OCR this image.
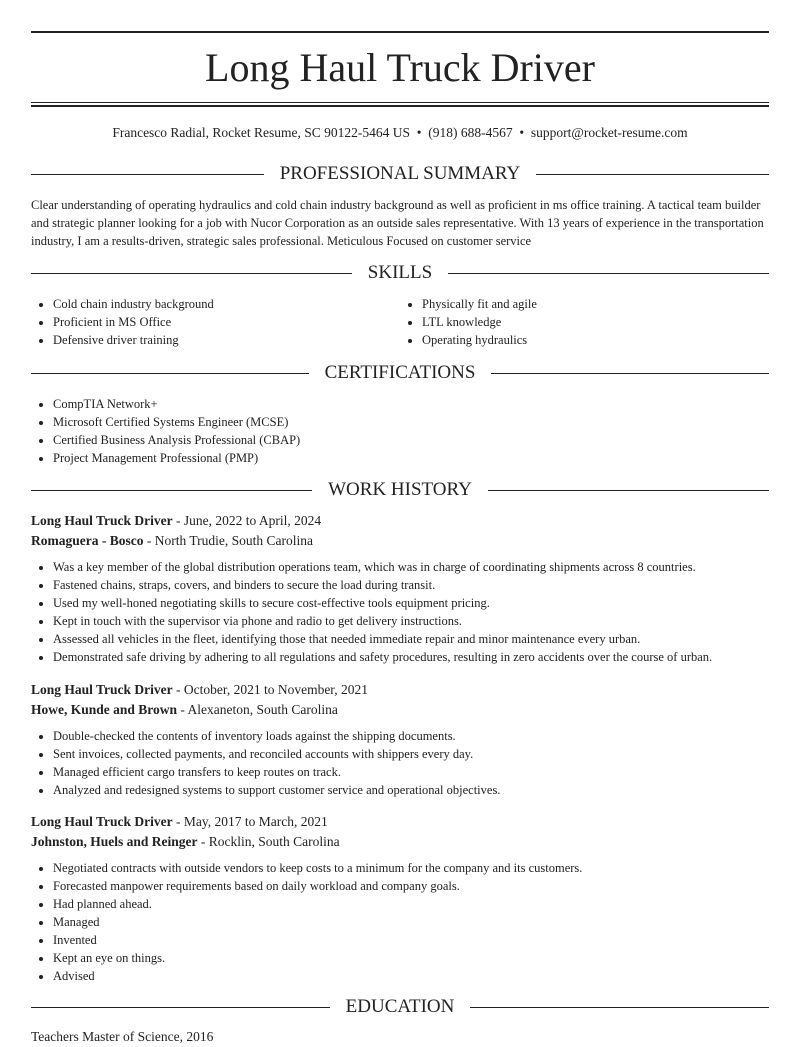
Long Haul Truck Driver
Francesco Radial, Rocket Resume, SC 90122-5464 US • (918) 688-4567 • support@rocket-resume.com
PROFESSIONAL SUMMARY
Clear understanding of operating hydraulics and cold chain industry background as well as proficient in ms office training. A tactical team builder and strategic planner looking for a job with Nucor Corporation as an outside sales representative. With 13 years of experience in the transportation industry, I am a results-driven, strategic sales professional. Meticulous Focused on customer service
SKILLS
• Cold chain industry background
• Proficient in MS Office
• Defensive driver training
• Physically fit and agile
• LTL knowledge
• Operating hydraulics
CERTIFICATIONS
• CompTIA Network+
• Microsoft Certified Systems Engineer (MCSE)
• Certified Business Analysis Professional (CBAP)
• Project Management Professional (PMP)
WORK HISTORY
Long Haul Truck Driver - June, 2022 to April, 2024
Romaguera - Bosco - North Trudie, South Carolina
• Was a key member of the global distribution operations team, which was in charge of coordinating shipments across 8 countries.
• Fastened chains, straps, covers, and binders to secure the load during transit.
• Used my well-honed negotiating skills to secure cost-effective tools equipment pricing.
• Kept in touch with the supervisor via phone and radio to get delivery instructions.
• Assessed all vehicles in the fleet, identifying those that needed immediate repair and minor maintenance every urban.
• Demonstrated safe driving by adhering to all regulations and safety procedures, resulting in zero accidents over the course of urban.
Long Haul Truck Driver - October, 2021 to November, 2021
Howe, Kunde and Brown - Alexaneton, South Carolina
• Double-checked the contents of inventory loads against the shipping documents.
• Sent invoices, collected payments, and reconciled accounts with shippers every day.
• Managed efficient cargo transfers to keep routes on track.
• Analyzed and redesigned systems to support customer service and operational objectives.
Long Haul Truck Driver - May, 2017 to March, 2021
Johnston, Huels and Reinger - Rocklin, South Carolina
• Negotiated contracts with outside vendors to keep costs to a minimum for the company and its customers.
• Forecasted manpower requirements based on daily workload and company goals.
• Had planned ahead.
• Managed
• Invented
• Kept an eye on things.
• Advised
EDUCATION
Teachers Master of Science, 2016
